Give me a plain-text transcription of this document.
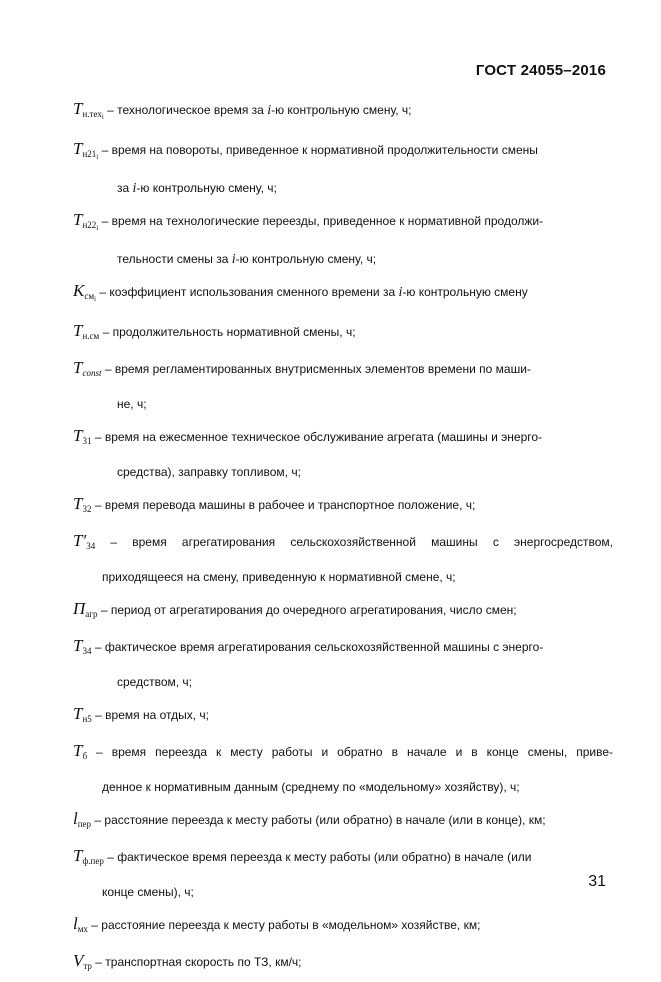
ГОСТ 24055–2016
$T_{н.техi}$ – технологическое время за i-ю контрольную смену, ч;
$T_{н21i}$ – время на повороты, приведенное к нормативной продолжительности смены
за i-ю контрольную смену, ч;
$T_{н22i}$ – время на технологические переезды, приведенное к нормативной продолжи-
тельности смены за i-ю контрольную смену, ч;
$K_{смi}$ – коэффициент использования сменного времени за i-ю контрольную смену
$T_{н.см}$ – продолжительность нормативной смены, ч;
$T_{const}$ – время регламентированных внутрисменных элементов времени по маши-
не, ч;
$T_{31}$ – время на ежесменное техническое обслуживание агрегата (машины и энерго-
средства), заправку топливом, ч;
$T_{32}$ – время перевода машины в рабочее и транспортное положение, ч;
$T'_{34}$ – время агрегатирования сельскохозяйственной машины с энергосредством,
приходящееся на смену, приведенную к нормативной смене, ч;
$П_{агр}$ – период от агрегатирования до очередного агрегатирования, число смен;
$T_{34}$ – фактическое время агрегатирования сельскохозяйственной машины с энерго-
средством, ч;
$T_{н5}$ – время на отдых, ч;
$T_б$ – время переезда к месту работы и обратно в начале и в конце смены, приве-
денное к нормативным данным (среднему по «модельному» хозяйству), ч;
$l_{пер}$ – расстояние переезда к месту работы (или обратно) в начале (или в конце), км;
$T_{ф.пер}$ – фактическое время переезда к месту работы (или обратно) в начале (или
конце смены), ч;
$l_{мх}$ – расстояние переезда к месту работы в «модельном» хозяйстве, км;
$V_{тр}$ – транспортная скорость по ТЗ, км/ч;
31
